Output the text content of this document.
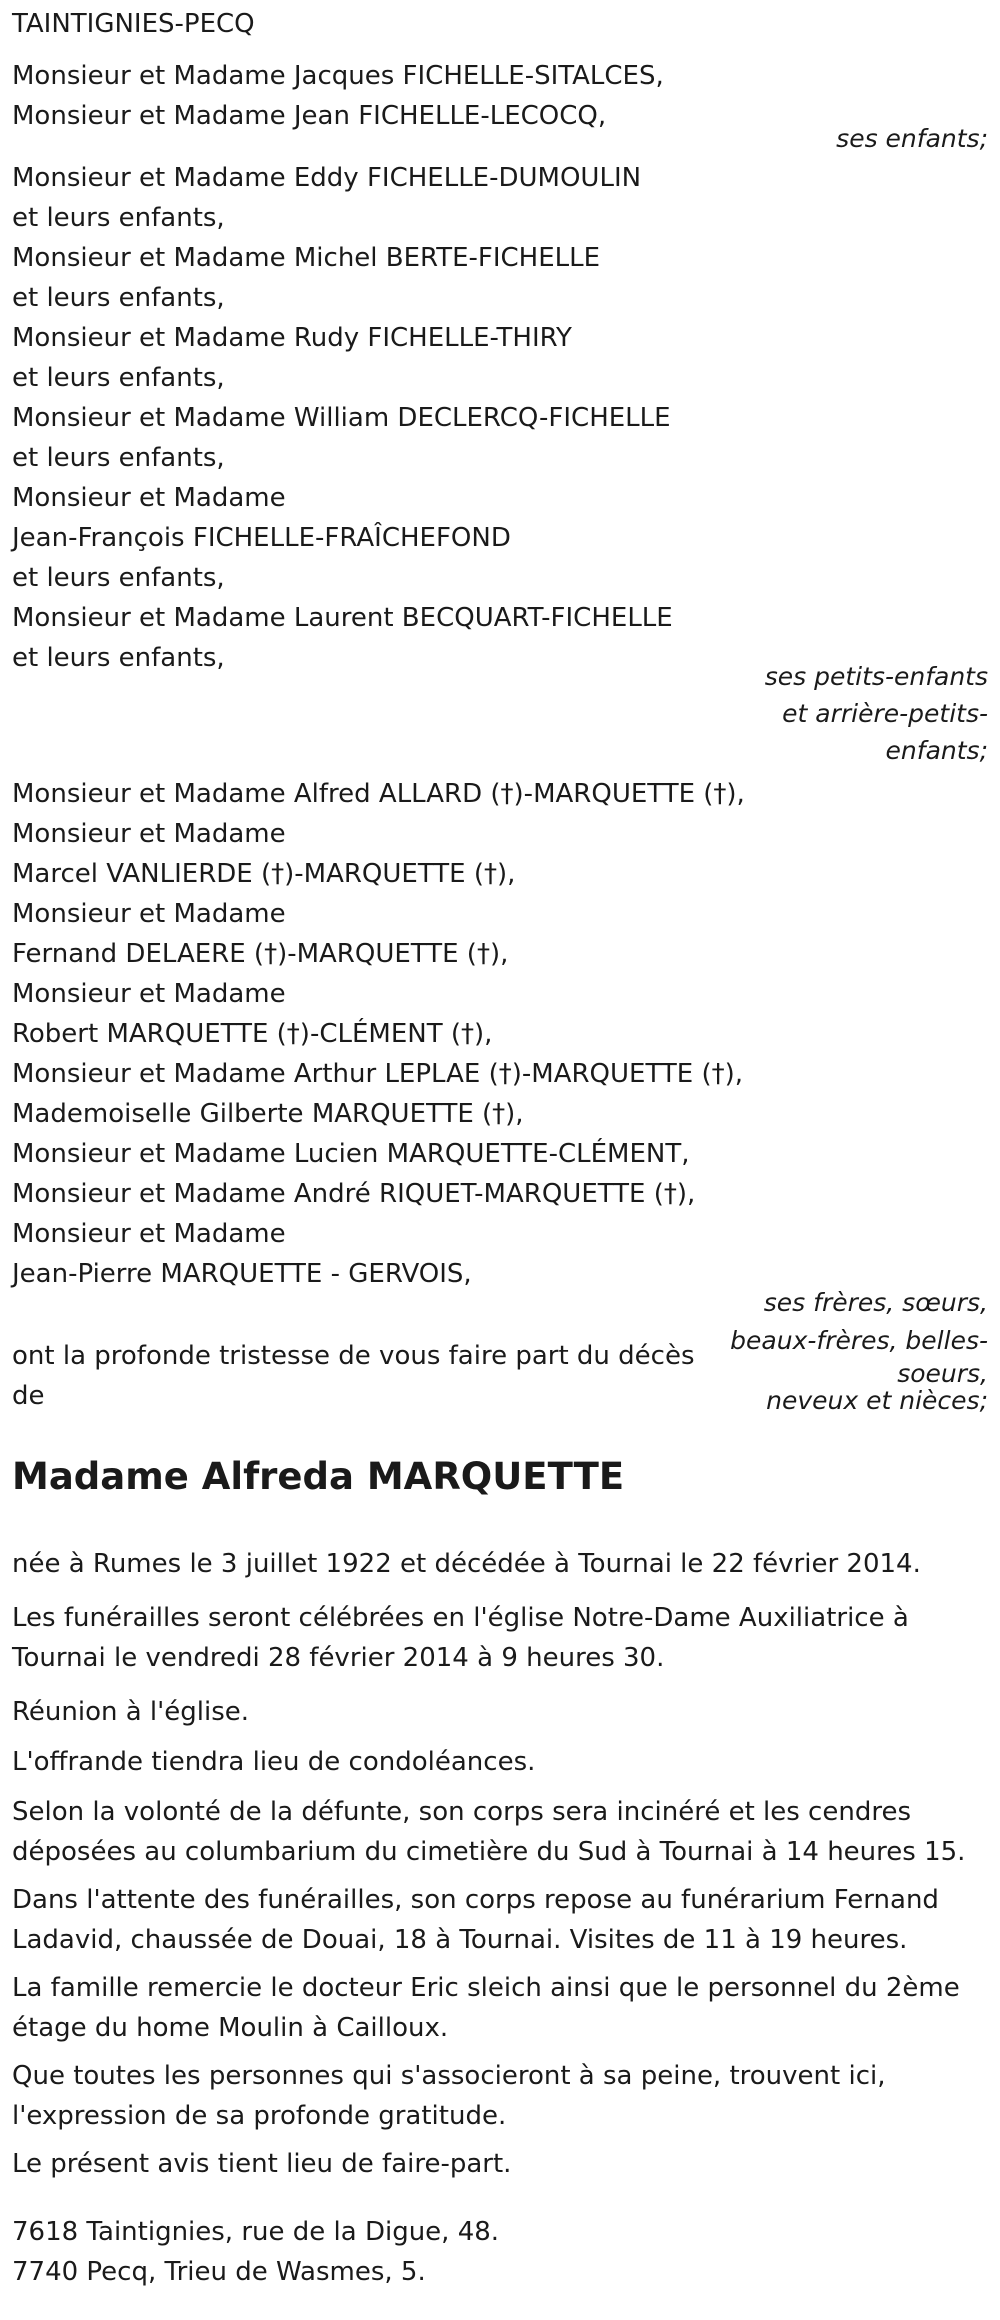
TAINTIGNIES-PECQ
Monsieur et Madame Jacques FICHELLE-SITALCES,
Monsieur et Madame Jean FICHELLE-LECOCQ,
ses enfants;
Monsieur et Madame Eddy FICHELLE-DUMOULIN
et leurs enfants,
Monsieur et Madame Michel BERTE-FICHELLE
et leurs enfants,
Monsieur et Madame Rudy FICHELLE-THIRY
et leurs enfants,
Monsieur et Madame William DECLERCQ-FICHELLE
et leurs enfants,
Monsieur et Madame
Jean-François FICHELLE-FRAÎCHEFOND
et leurs enfants,
Monsieur et Madame Laurent BECQUART-FICHELLE
et leurs enfants,
ses petits-enfants
et arrière-petits-
enfants;
Monsieur et Madame Alfred ALLARD (†)-MARQUETTE (†),
Monsieur et Madame
Marcel VANLIERDE (†)-MARQUETTE (†),
Monsieur et Madame
Fernand DELAERE (†)-MARQUETTE (†),
Monsieur et Madame
Robert MARQUETTE (†)-CLÉMENT (†),
Monsieur et Madame Arthur LEPLAE (†)-MARQUETTE (†),
Mademoiselle Gilberte MARQUETTE (†),
Monsieur et Madame Lucien MARQUETTE-CLÉMENT,
Monsieur et Madame André RIQUET-MARQUETTE (†),
Monsieur et Madame
Jean-Pierre MARQUETTE - GERVOIS,
ses frères, sœurs,
beaux-frères, belles-
soeurs,
neveux et nièces;
ont la profonde tristesse de vous faire part du décès
de
Madame Alfreda MARQUETTE
née à Rumes le 3 juillet 1922 et décédée à Tournai le 22 février 2014.
Les funérailles seront célébrées en l'église Notre-Dame Auxiliatrice à
Tournai le vendredi 28 février 2014 à 9 heures 30.
Réunion à l'église.
L'offrande tiendra lieu de condoléances.
Selon la volonté de la défunte, son corps sera incinéré et les cendres
déposées au columbarium du cimetière du Sud à Tournai à 14 heures 15.
Dans l'attente des funérailles, son corps repose au funérarium Fernand
Ladavid, chaussée de Douai, 18 à Tournai. Visites de 11 à 19 heures.
La famille remercie le docteur Eric sleich ainsi que le personnel du 2ème
étage du home Moulin à Cailloux.
Que toutes les personnes qui s'associeront à sa peine, trouvent ici,
l'expression de sa profonde gratitude.
Le présent avis tient lieu de faire-part.
7618 Taintignies, rue de la Digue, 48.
7740 Pecq, Trieu de Wasmes, 5.
